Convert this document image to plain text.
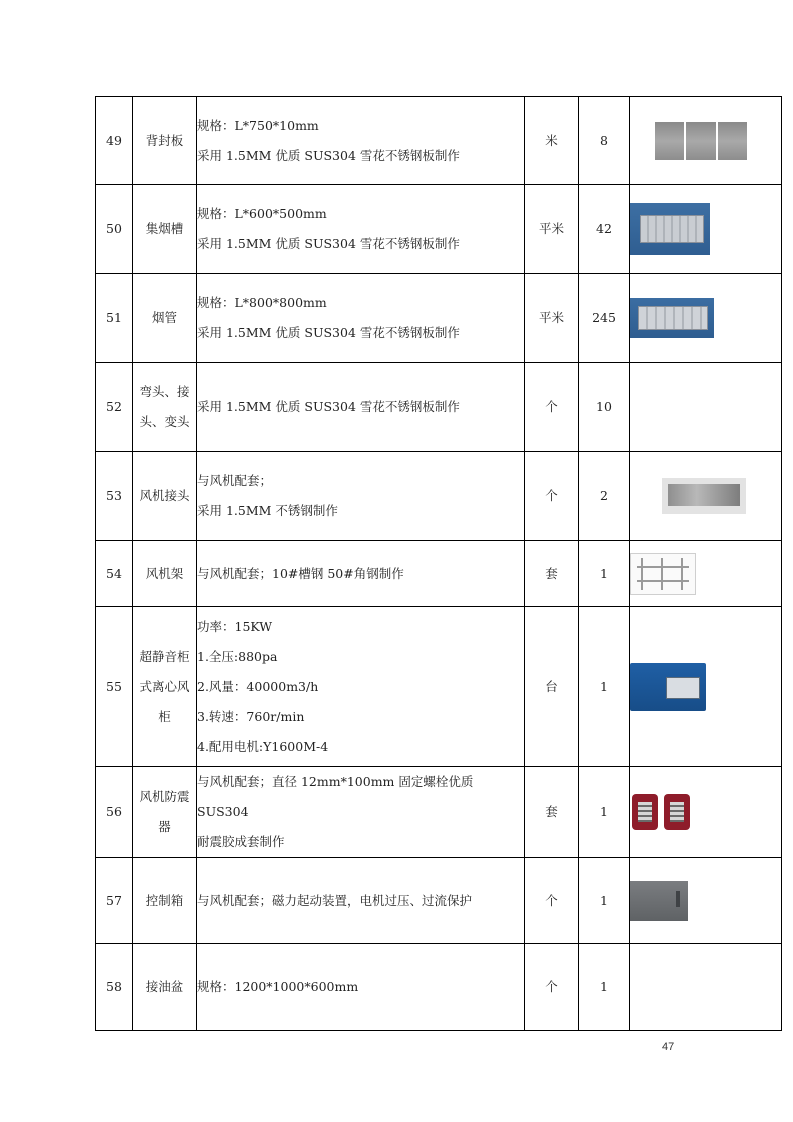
49	背封板	规格：L*750*10mm
采用 1.5MM 优质 SUS304 雪花不锈钢板制作	米	8	

50	集烟槽	规格：L*600*500mm
采用 1.5MM 优质 SUS304 雪花不锈钢板制作	平米	42	
51	烟管	规格：L*800*800mm
采用 1.5MM 优质 SUS304 雪花不锈钢板制作	平米	245	
52	弯头、接
头、变头	采用 1.5MM 优质 SUS304 雪花不锈钢板制作	个	10	
53	风机接头	与风机配套；
采用 1.5MM 不锈钢制作	个	2	
54	风机架	与风机配套；10#槽钢 50#角钢制作	套	1	
55	超静音柜
式离心风
柜	功率：15KW
1.全压:880pa
2.风量：40000m3/h
3.转速：760r/min
4.配用电机:Y1600M-4	台	1	
56	风机防震
器	与风机配套；直径 12mm*100mm 固定螺栓优质 SUS304
耐震胶成套制作	套	1	

57	控制箱	与风机配套；磁力起动装置，电机过压、过流保护	个	1	
58	接油盆	规格：1200*1000*600mm	个	1	
47
